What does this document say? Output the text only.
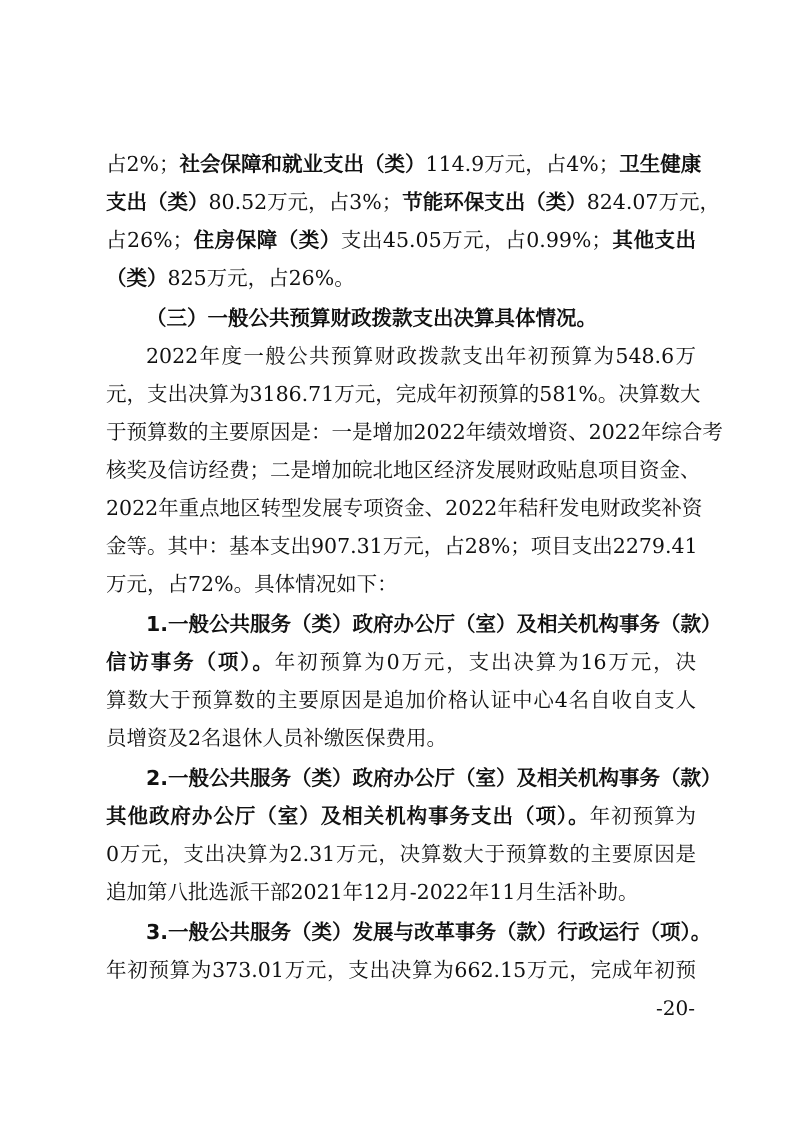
占2%；社会保障和就业支出（类）114.9万元，占4%；卫生健康
支出（类）80.52万元，占3%；节能环保支出（类）824.07万元，
占26%；住房保障（类）支出45.05万元，占0.99%；其他支出
（类）825万元，占26%。
（三）一般公共预算财政拨款支出决算具体情况。
2022年度一般公共预算财政拨款支出年初预算为548.6万
元，支出决算为3186.71万元，完成年初预算的581%。决算数大
于预算数的主要原因是：一是增加2022年绩效增资、2022年综合考
核奖及信访经费；二是增加皖北地区经济发展财政贴息项目资金、
2022年重点地区转型发展专项资金、2022年秸秆发电财政奖补资
金等。其中：基本支出907.31万元，占28%；项目支出2279.41
万元，占72%。具体情况如下：
1.一般公共服务（类）政府办公厅（室）及相关机构事务（款）
信访事务（项）。年初预算为0万元，支出决算为16万元，决
算数大于预算数的主要原因是追加价格认证中心4名自收自支人
员增资及2名退休人员补缴医保费用。
2.一般公共服务（类）政府办公厅（室）及相关机构事务（款）
其他政府办公厅（室）及相关机构事务支出（项）。年初预算为
0万元，支出决算为2.31万元，决算数大于预算数的主要原因是
追加第八批选派干部2021年12月-2022年11月生活补助。
3.一般公共服务（类）发展与改革事务（款）行政运行（项）。
年初预算为373.01万元，支出决算为662.15万元，完成年初预
-20-
